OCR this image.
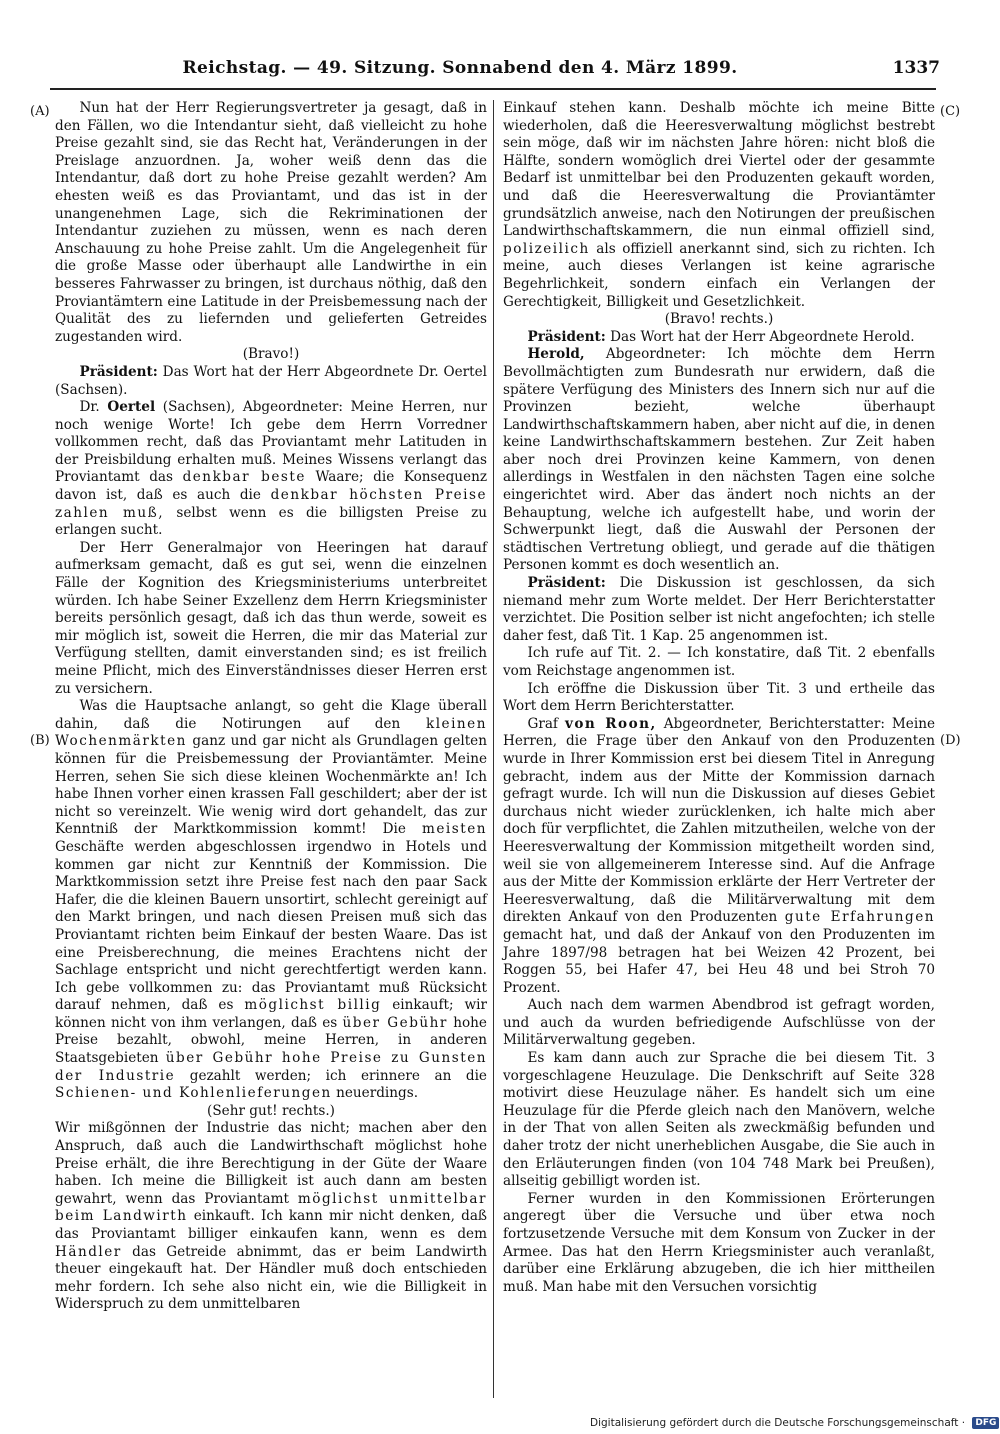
Reichstag. — 49. Sitzung. Sonnabend den 4. März 1899.	1337
(A)
(B)
(C)
(D)

Nun hat der Herr Regierungsvertreter ja gesagt, daß in den Fällen, wo die Intendantur sieht, daß vielleicht zu hohe Preise gezahlt sind, sie das Recht hat, Veränderungen in der Preislage anzuordnen. Ja, woher weiß denn das die Intendantur, daß dort zu hohe Preise gezahlt werden? Am ehesten weiß es das Proviantamt, und das ist in der unangenehmen Lage, sich die Rekriminationen der Intendantur zuziehen zu müssen, wenn es nach deren Anschauung zu hohe Preise zahlt. Um die Angelegenheit für die große Masse oder überhaupt alle Landwirthe in ein besseres Fahrwasser zu bringen, ist durchaus nöthig, daß den Proviantämtern eine Latitude in der Preisbemessung nach der Qualität des zu liefernden und gelieferten Getreides zugestanden wird.

(Bravo!)

Präsident: Das Wort hat der Herr Abgeordnete Dr. Oertel (Sachsen).

Dr. Oertel (Sachsen), Abgeordneter: Meine Herren, nur noch wenige Worte! Ich gebe dem Herrn Vorredner vollkommen recht, daß das Proviantamt mehr Latituden in der Preisbildung erhalten muß. Meines Wissens verlangt das Proviantamt das denkbar beste Waare; die Konsequenz davon ist, daß es auch die denkbar höchsten Preise zahlen muß, selbst wenn es die billigsten Preise zu erlangen sucht.

Der Herr Generalmajor von Heeringen hat darauf aufmerksam gemacht, daß es gut sei, wenn die einzelnen Fälle der Kognition des Kriegsministeriums unterbreitet würden. Ich habe Seiner Exzellenz dem Herrn Kriegsminister bereits persönlich gesagt, daß ich das thun werde, soweit es mir möglich ist, soweit die Herren, die mir das Material zur Verfügung stellten, damit einverstanden sind; es ist freilich meine Pflicht, mich des Einverständnisses dieser Herren erst zu versichern.

Was die Hauptsache anlangt, so geht die Klage überall dahin, daß die Notirungen auf den kleinen Wochenmärkten ganz und gar nicht als Grundlagen gelten können für die Preisbemessung der Proviantämter. Meine Herren, sehen Sie sich diese kleinen Wochenmärkte an! Ich habe Ihnen vorher einen krassen Fall geschildert; aber der ist nicht so vereinzelt. Wie wenig wird dort gehandelt, das zur Kenntniß der Marktkommission kommt! Die meisten Geschäfte werden abgeschlossen irgendwo in Hotels und kommen gar nicht zur Kenntniß der Kommission. Die Marktkommission setzt ihre Preise fest nach den paar Sack Hafer, die die kleinen Bauern unsortirt, schlecht gereinigt auf den Markt bringen, und nach diesen Preisen muß sich das Proviantamt richten beim Einkauf der besten Waare. Das ist eine Preisberechnung, die meines Erachtens nicht der Sachlage entspricht und nicht gerechtfertigt werden kann. Ich gebe vollkommen zu: das Proviantamt muß Rücksicht darauf nehmen, daß es möglichst billig einkauft; wir können nicht von ihm verlangen, daß es über Gebühr hohe Preise bezahlt, obwohl, meine Herren, in anderen Staatsgebieten über Gebühr hohe Preise zu Gunsten der Industrie gezahlt werden; ich erinnere an die Schienen- und Kohlenlieferungen neuerdings.

(Sehr gut! rechts.)

Wir mißgönnen der Industrie das nicht; machen aber den Anspruch, daß auch die Landwirthschaft möglichst hohe Preise erhält, die ihre Berechtigung in der Güte der Waare haben. Ich meine die Billigkeit ist auch dann am besten gewahrt, wenn das Proviantamt möglichst unmittelbar beim Landwirth einkauft. Ich kann mir nicht denken, daß das Proviantamt billiger einkaufen kann, wenn es dem Händler das Getreide abnimmt, das er beim Landwirth theuer eingekauft hat. Der Händler muß doch entschieden mehr fordern. Ich sehe also nicht ein, wie die Billigkeit in Widerspruch zu dem unmittelbaren

Einkauf stehen kann. Deshalb möchte ich meine Bitte wiederholen, daß die Heeresverwaltung möglichst bestrebt sein möge, daß wir im nächsten Jahre hören: nicht bloß die Hälfte, sondern womöglich drei Viertel oder der gesammte Bedarf ist unmittelbar bei den Produzenten gekauft worden, und daß die Heeresverwaltung die Proviantämter grundsätzlich anweise, nach den Notirungen der preußischen Landwirthschaftskammern, die nun einmal offiziell sind, polizeilich als offiziell anerkannt sind, sich zu richten. Ich meine, auch dieses Verlangen ist keine agrarische Begehrlichkeit, sondern einfach ein Verlangen der Gerechtigkeit, Billigkeit und Gesetzlichkeit.

(Bravo! rechts.)

Präsident: Das Wort hat der Herr Abgeordnete Herold.

Herold, Abgeordneter: Ich möchte dem Herrn Bevollmächtigten zum Bundesrath nur erwidern, daß die spätere Verfügung des Ministers des Innern sich nur auf die Provinzen bezieht, welche überhaupt Landwirthschaftskammern haben, aber nicht auf die, in denen keine Landwirthschaftskammern bestehen. Zur Zeit haben aber noch drei Provinzen keine Kammern, von denen allerdings in Westfalen in den nächsten Tagen eine solche eingerichtet wird. Aber das ändert noch nichts an der Behauptung, welche ich aufgestellt habe, und worin der Schwerpunkt liegt, daß die Auswahl der Personen der städtischen Vertretung obliegt, und gerade auf die thätigen Personen kommt es doch wesentlich an.

Präsident: Die Diskussion ist geschlossen, da sich niemand mehr zum Worte meldet. Der Herr Berichterstatter verzichtet. Die Position selber ist nicht angefochten; ich stelle daher fest, daß Tit. 1 Kap. 25 angenommen ist.

Ich rufe auf Tit. 2. — Ich konstatire, daß Tit. 2 ebenfalls vom Reichstage angenommen ist.

Ich eröffne die Diskussion über Tit. 3 und ertheile das Wort dem Herrn Berichterstatter.

Graf von Roon, Abgeordneter, Berichterstatter: Meine Herren, die Frage über den Ankauf von den Produzenten wurde in Ihrer Kommission erst bei diesem Titel in Anregung gebracht, indem aus der Mitte der Kommission darnach gefragt wurde. Ich will nun die Diskussion auf dieses Gebiet durchaus nicht wieder zurücklenken, ich halte mich aber doch für verpflichtet, die Zahlen mitzutheilen, welche von der Heeresverwaltung der Kommission mitgetheilt worden sind, weil sie von allgemeinerem Interesse sind. Auf die Anfrage aus der Mitte der Kommission erklärte der Herr Vertreter der Heeresverwaltung, daß die Militärverwaltung mit dem direkten Ankauf von den Produzenten gute Erfahrungen gemacht hat, und daß der Ankauf von den Produzenten im Jahre 1897/98 betragen hat bei Weizen 42 Prozent, bei Roggen 55, bei Hafer 47, bei Heu 48 und bei Stroh 70 Prozent.

Auch nach dem warmen Abendbrod ist gefragt worden, und auch da wurden befriedigende Aufschlüsse von der Militärverwaltung gegeben.

Es kam dann auch zur Sprache die bei diesem Tit. 3 vorgeschlagene Heuzulage. Die Denkschrift auf Seite 328 motivirt diese Heuzulage näher. Es handelt sich um eine Heuzulage für die Pferde gleich nach den Manövern, welche in der That von allen Seiten als zweckmäßig befunden und daher trotz der nicht unerheblichen Ausgabe, die Sie auch in den Erläuterungen finden (von 104 748 Mark bei Preußen), allseitig gebilligt worden ist.

Ferner wurden in den Kommissionen Erörterungen angeregt über die Versuche und über etwa noch fortzusetzende Versuche mit dem Konsum von Zucker in der Armee. Das hat den Herrn Kriegsminister auch veranlaßt, darüber eine Erklärung abzugeben, die ich hier mittheilen muß. Man habe mit den Versuchen vorsichtig

Digitalisierung gefördert durch die Deutsche Forschungsgemeinschaft · DFG
